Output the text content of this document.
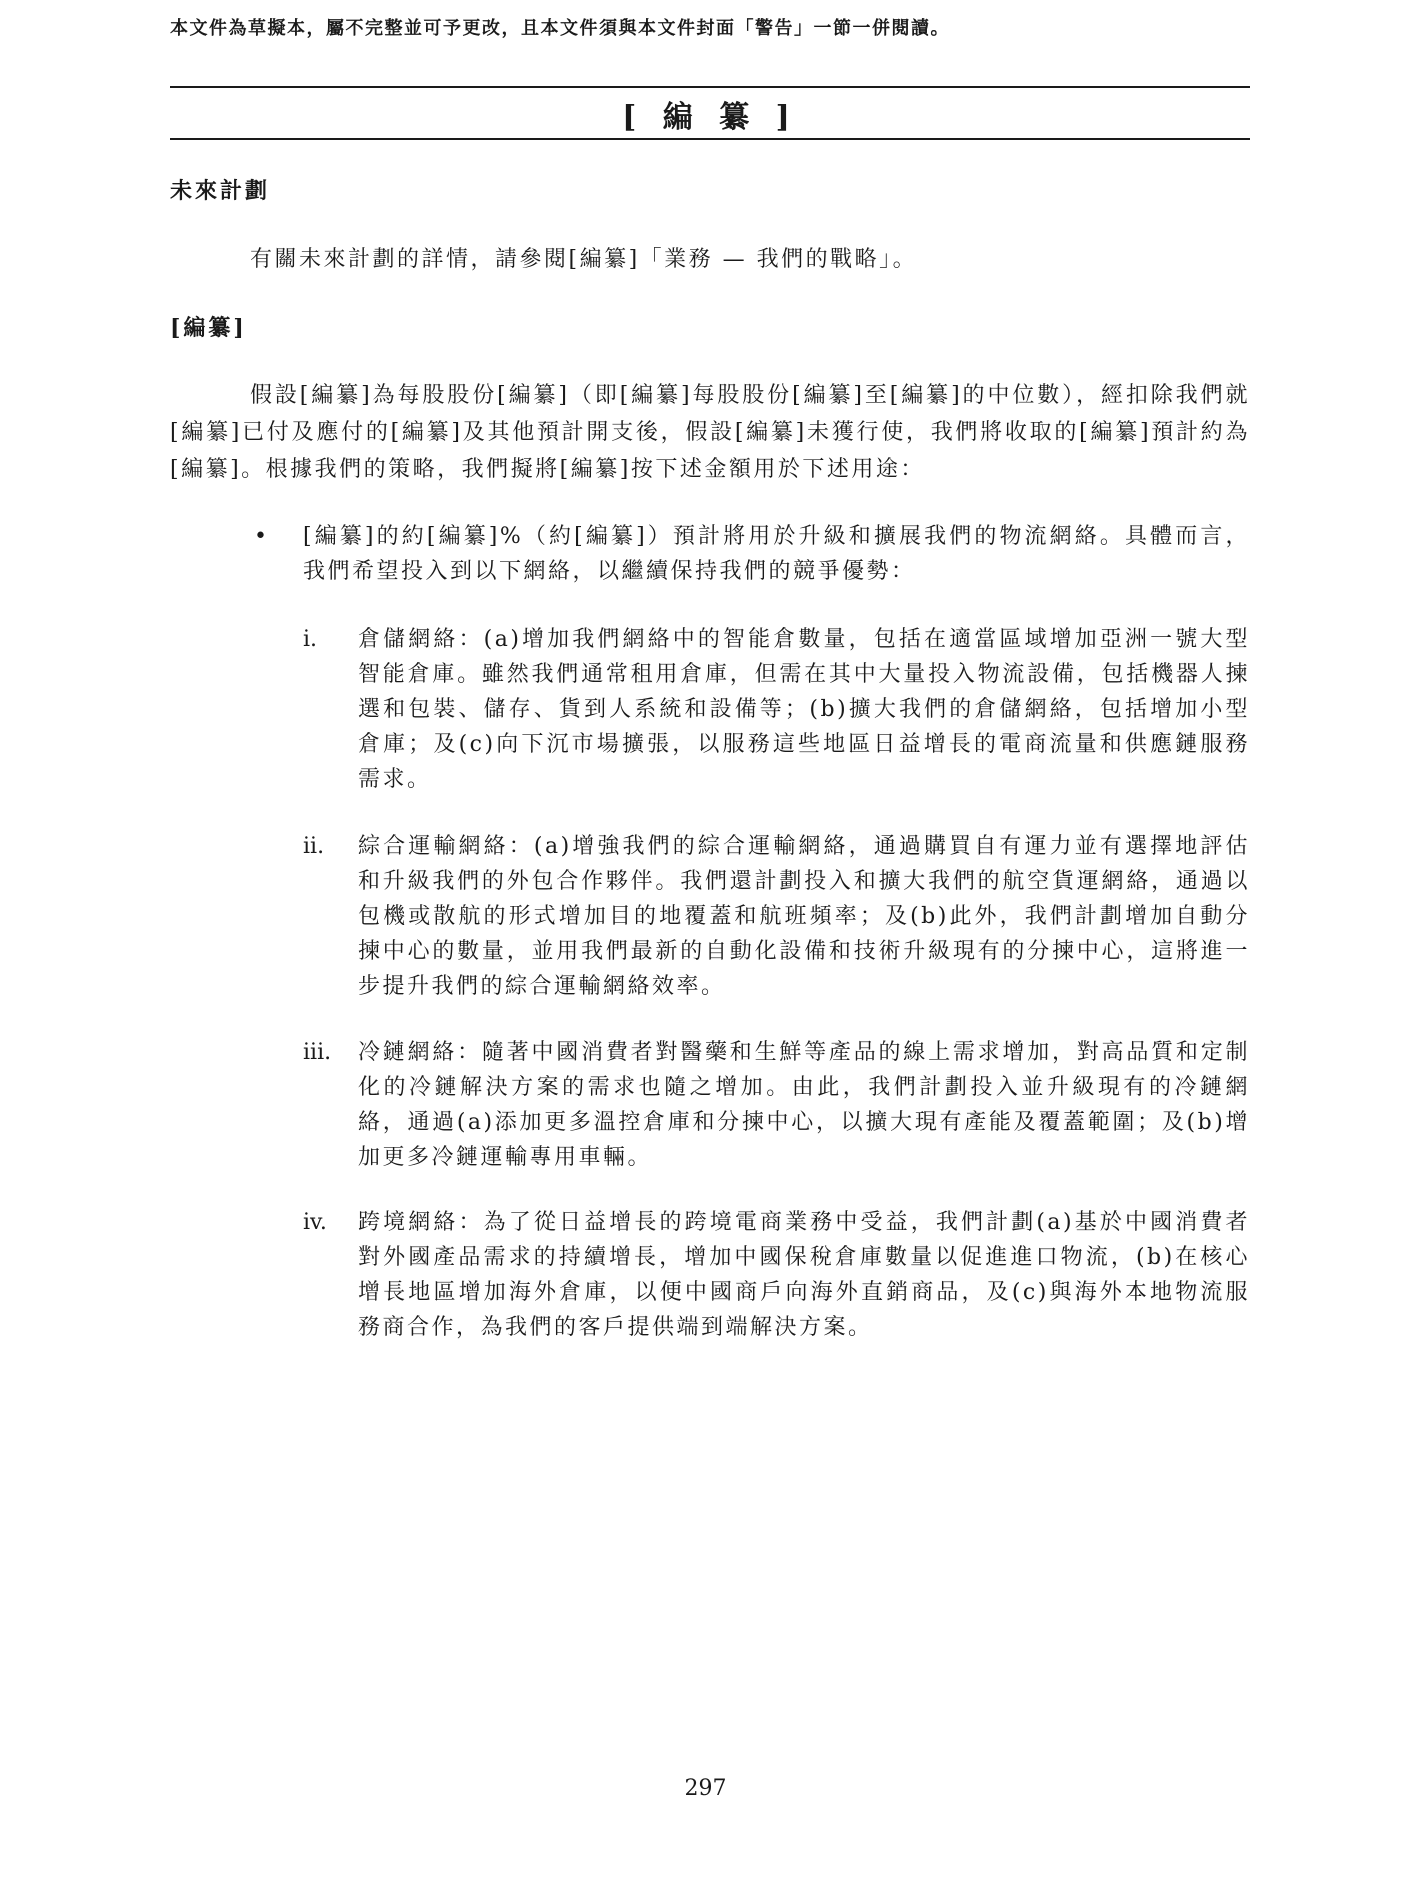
本文件為草擬本，屬不完整並可予更改，且本文件須與本文件封面「警告」一節一併閱讀。
[ 編 纂 ]
未來計劃
有關未來計劃的詳情，請參閱[編纂]「業務 — 我們的戰略」。
[編纂]
假設[編纂]為每股股份[編纂]（即[編纂]每股股份[編纂]至[編纂]的中位數），經扣除我們就[編纂]已付及應付的[編纂]及其他預計開支後，假設[編纂]未獲行使，我們將收取的[編纂]預計約為[編纂]。根據我們的策略，我們擬將[編纂]按下述金額用於下述用途：
• [編纂]的約[編纂]%（約[編纂]）預計將用於升級和擴展我們的物流網絡。具體而言，我們希望投入到以下網絡，以繼續保持我們的競爭優勢：
i. 倉儲網絡：(a)增加我們網絡中的智能倉數量，包括在適當區域增加亞洲一號大型智能倉庫。雖然我們通常租用倉庫，但需在其中大量投入物流設備，包括機器人揀選和包裝、儲存、貨到人系統和設備等；(b)擴大我們的倉儲網絡，包括增加小型倉庫；及(c)向下沉市場擴張，以服務這些地區日益增長的電商流量和供應鏈服務需求。
ii. 綜合運輸網絡：(a)增強我們的綜合運輸網絡，通過購買自有運力並有選擇地評估和升級我們的外包合作夥伴。我們還計劃投入和擴大我們的航空貨運網絡，通過以包機或散航的形式增加目的地覆蓋和航班頻率；及(b)此外，我們計劃增加自動分揀中心的數量，並用我們最新的自動化設備和技術升級現有的分揀中心，這將進一步提升我們的綜合運輸網絡效率。
iii. 冷鏈網絡：隨著中國消費者對醫藥和生鮮等產品的線上需求增加，對高品質和定制化的冷鏈解決方案的需求也隨之增加。由此，我們計劃投入並升級現有的冷鏈網絡，通過(a)添加更多溫控倉庫和分揀中心，以擴大現有產能及覆蓋範圍；及(b)增加更多冷鏈運輸專用車輛。
iv. 跨境網絡：為了從日益增長的跨境電商業務中受益，我們計劃(a)基於中國消費者對外國產品需求的持續增長，增加中國保稅倉庫數量以促進進口物流，(b)在核心增長地區增加海外倉庫，以便中國商戶向海外直銷商品，及(c)與海外本地物流服務商合作，為我們的客戶提供端到端解決方案。
297
